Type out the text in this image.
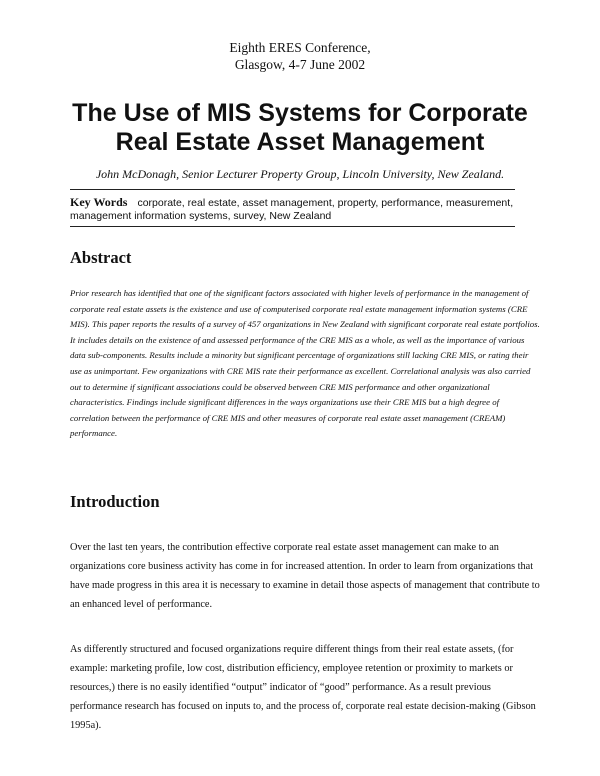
Eighth ERES Conference,
Glasgow, 4-7 June 2002
The Use of MIS Systems for Corporate
Real Estate Asset Management
John McDonagh, Senior Lecturer Property Group, Lincoln University, New Zealand.
Key Words corporate, real estate, asset management, property, performance, measurement, management information systems, survey, New Zealand
Abstract
Prior research has identified that one of the significant factors associated with higher levels of performance in the management of corporate real estate assets is the existence and use of computerised corporate real estate management information systems (CRE MIS). This paper reports the results of a survey of 457 organizations in New Zealand with significant corporate real estate portfolios. It includes details on the existence of and assessed performance of the CRE MIS as a whole, as well as the importance of various data sub-components. Results include a minority but significant percentage of organizations still lacking CRE MIS, or rating their use as unimportant. Few organizations with CRE MIS rate their performance as excellent. Correlational analysis was also carried out to determine if significant associations could be observed between CRE MIS performance and other organizational characteristics. Findings include significant differences in the ways organizations use their CRE MIS but a high degree of correlation between the performance of CRE MIS and other measures of corporate real estate asset management (CREAM) performance.
Introduction
Over the last ten years, the contribution effective corporate real estate asset management can make to an organizations core business activity has come in for increased attention. In order to learn from organizations that have made progress in this area it is necessary to examine in detail those aspects of management that contribute to an enhanced level of performance.
As differently structured and focused organizations require different things from their real estate assets, (for example: marketing profile, low cost, distribution efficiency, employee retention or proximity to markets or resources,) there is no easily identified “output” indicator of “good” performance. As a result previous performance research has focused on inputs to, and the process of, corporate real estate decision-making (Gibson 1995a).
